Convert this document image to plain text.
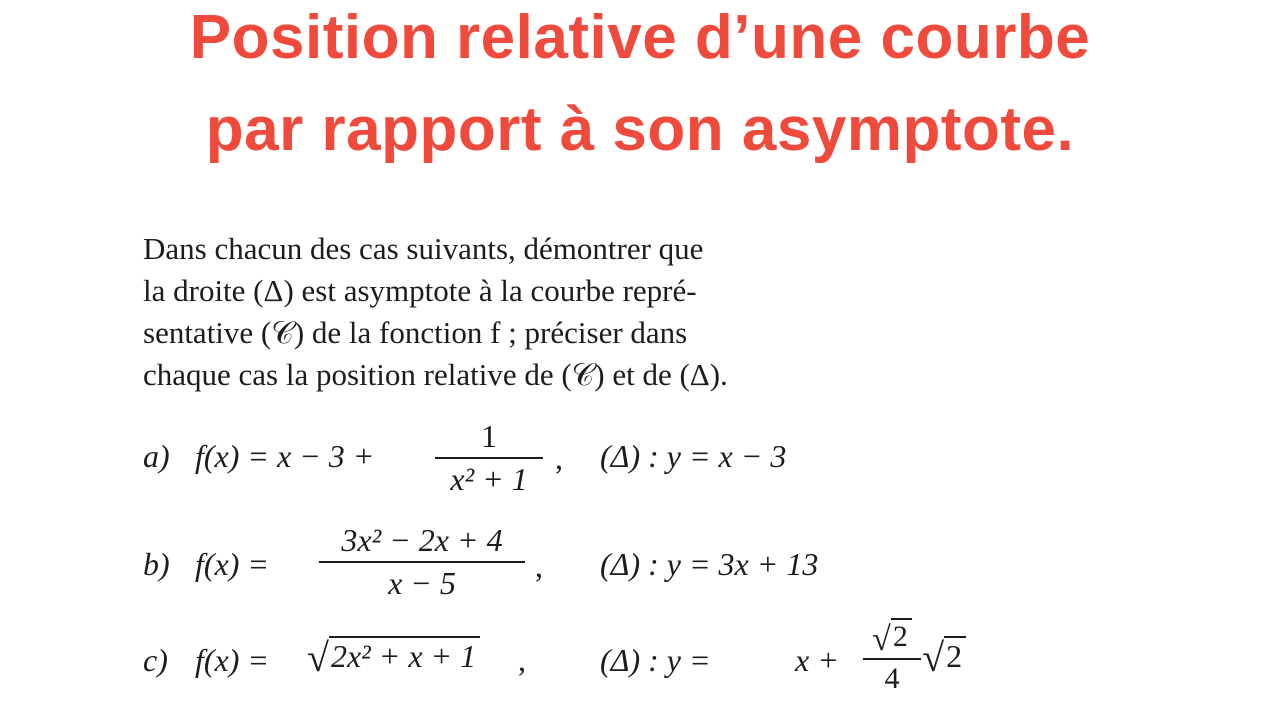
Position relative d’une courbe
par rapport à son asymptote.
Dans chacun des cas suivants, démontrer que
la droite (Δ) est asymptote à la courbe repré-
sentative (𝒞) de la fonction f ; préciser dans
chaque cas la position relative de (𝒞) et de (Δ).
a) f(x) = x − 3 +
1
x² + 1
, (Δ) : y = x − 3
b) f(x) =
3x² − 2x + 4
x − 5	, (Δ) : y = 3x + 13
c) f(x) = √2x² + x + 1 , (Δ) : y =	√2
x +
√2
4
